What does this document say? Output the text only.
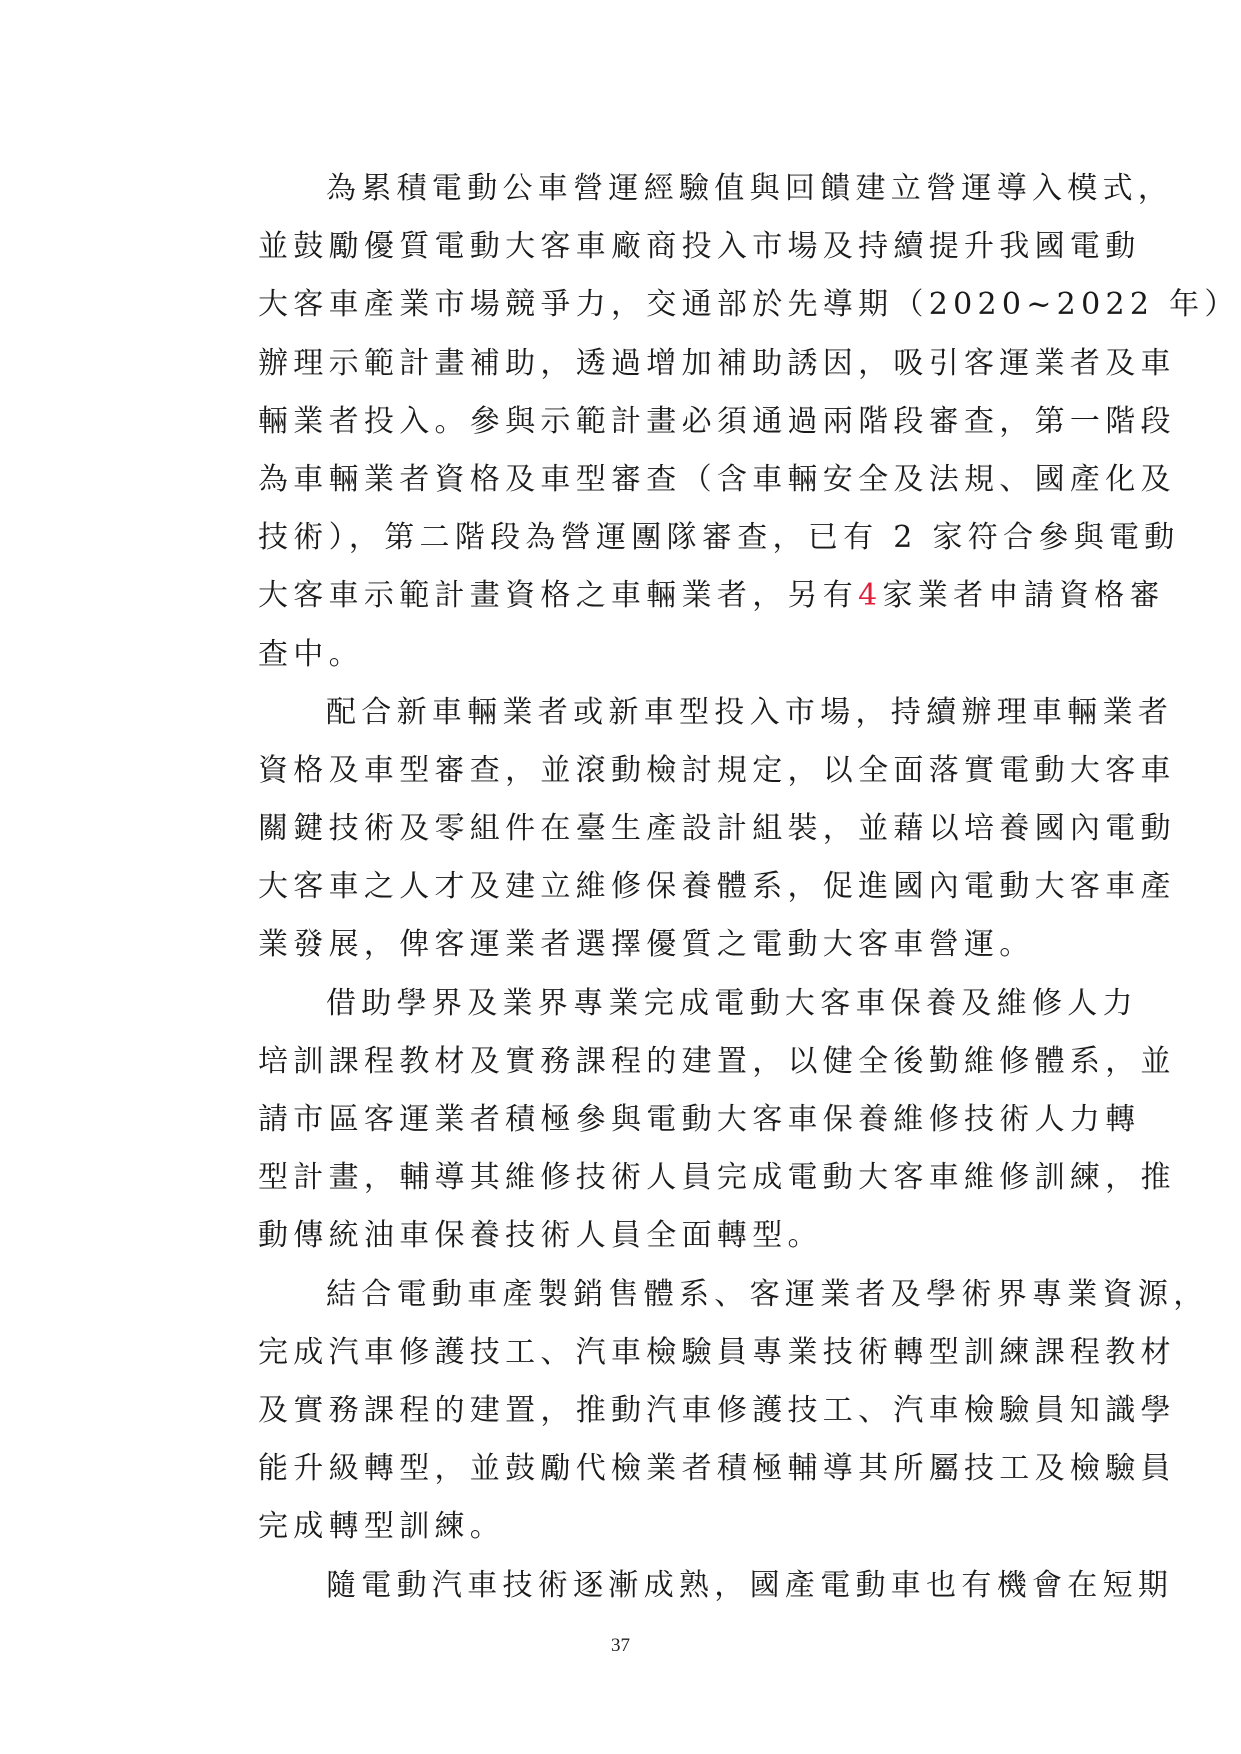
為累積電動公車營運經驗值與回饋建立營運導入模式，
並鼓勵優質電動大客車廠商投入市場及持續提升我國電動
大客車產業市場競爭力，交通部於先導期（2020~2022 年）
辦理示範計畫補助，透過增加補助誘因，吸引客運業者及車
輛業者投入。參與示範計畫必須通過兩階段審查，第一階段
為車輛業者資格及車型審查（含車輛安全及法規、國產化及
技術），第二階段為營運團隊審查，已有 2 家符合參與電動
大客車示範計畫資格之車輛業者，另有4家業者申請資格審
查中。
配合新車輛業者或新車型投入市場，持續辦理車輛業者
資格及車型審查，並滾動檢討規定，以全面落實電動大客車
關鍵技術及零組件在臺生產設計組裝，並藉以培養國內電動
大客車之人才及建立維修保養體系，促進國內電動大客車產
業發展，俾客運業者選擇優質之電動大客車營運。
借助學界及業界專業完成電動大客車保養及維修人力
培訓課程教材及實務課程的建置，以健全後勤維修體系，並
請市區客運業者積極參與電動大客車保養維修技術人力轉
型計畫，輔導其維修技術人員完成電動大客車維修訓練，推
動傳統油車保養技術人員全面轉型。
結合電動車產製銷售體系、客運業者及學術界專業資源，
完成汽車修護技工、汽車檢驗員專業技術轉型訓練課程教材
及實務課程的建置，推動汽車修護技工、汽車檢驗員知識學
能升級轉型，並鼓勵代檢業者積極輔導其所屬技工及檢驗員
完成轉型訓練。
隨電動汽車技術逐漸成熟，國產電動車也有機會在短期
37
